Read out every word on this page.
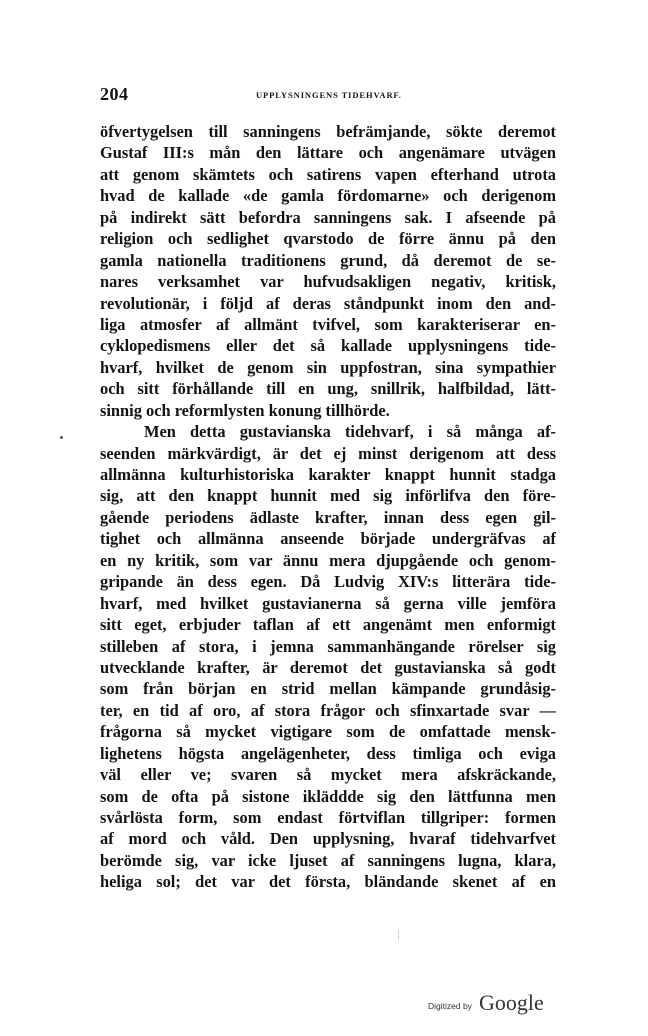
204	UPPLYSNINGENS TIDEHVARF.
öfvertygelsen till sanningens befrämjande, sökte deremot
Gustaf III:s mån den lättare och angenämare utvägen
att genom skämtets och satirens vapen efterhand utrota
hvad de kallade «de gamla fördomarne» och derigenom
på indirekt sätt befordra sanningens sak. I afseende på
religion och sedlighet qvarstodo de förre ännu på den
gamla nationella traditionens grund, då deremot de se-
nares verksamhet var hufvudsakligen negativ, kritisk,
revolutionär, i följd af deras ståndpunkt inom den and-
liga atmosfer af allmänt tvifvel, som karakteriserar en-
cyklopedismens eller det så kallade upplysningens tide-
hvarf, hvilket de genom sin uppfostran, sina sympathier
och sitt förhållande till en ung, snillrik, halfbildad, lätt-
sinnig och reformlysten konung tillhörde.
Men detta gustavianska tidehvarf, i så många af-
seenden märkvärdigt, är det ej minst derigenom att dess
allmänna kulturhistoriska karakter knappt hunnit stadga
sig, att den knappt hunnit med sig införlifva den före-
gående periodens ädlaste krafter, innan dess egen gil-
tighet och allmänna anseende började undergräfvas af
en ny kritik, som var ännu mera djupgående och genom-
gripande än dess egen. Då Ludvig XIV:s litterära tide-
hvarf, med hvilket gustavianerna så gerna ville jemföra
sitt eget, erbjuder taflan af ett angenämt men enformigt
stilleben af stora, i jemna sammanhängande rörelser sig
utvecklande krafter, är deremot det gustavianska så godt
som från början en strid mellan kämpande grundåsig-
ter, en tid af oro, af stora frågor och sfinxartade svar —
frågorna så mycket vigtigare som de omfattade mensk-
lighetens högsta angelägenheter, dess timliga och eviga
väl eller ve; svaren så mycket mera afskräckande,
som de ofta på sistone ikläddde sig den lättfunna men
svårlösta form, som endast förtviflan tillgriper: formen
af mord och våld. Den upplysning, hvaraf tidehvarfvet
berömde sig, var icke ljuset af sanningens lugna, klara,
heliga sol; det var det första, bländande skenet af en
Digitized by Google
